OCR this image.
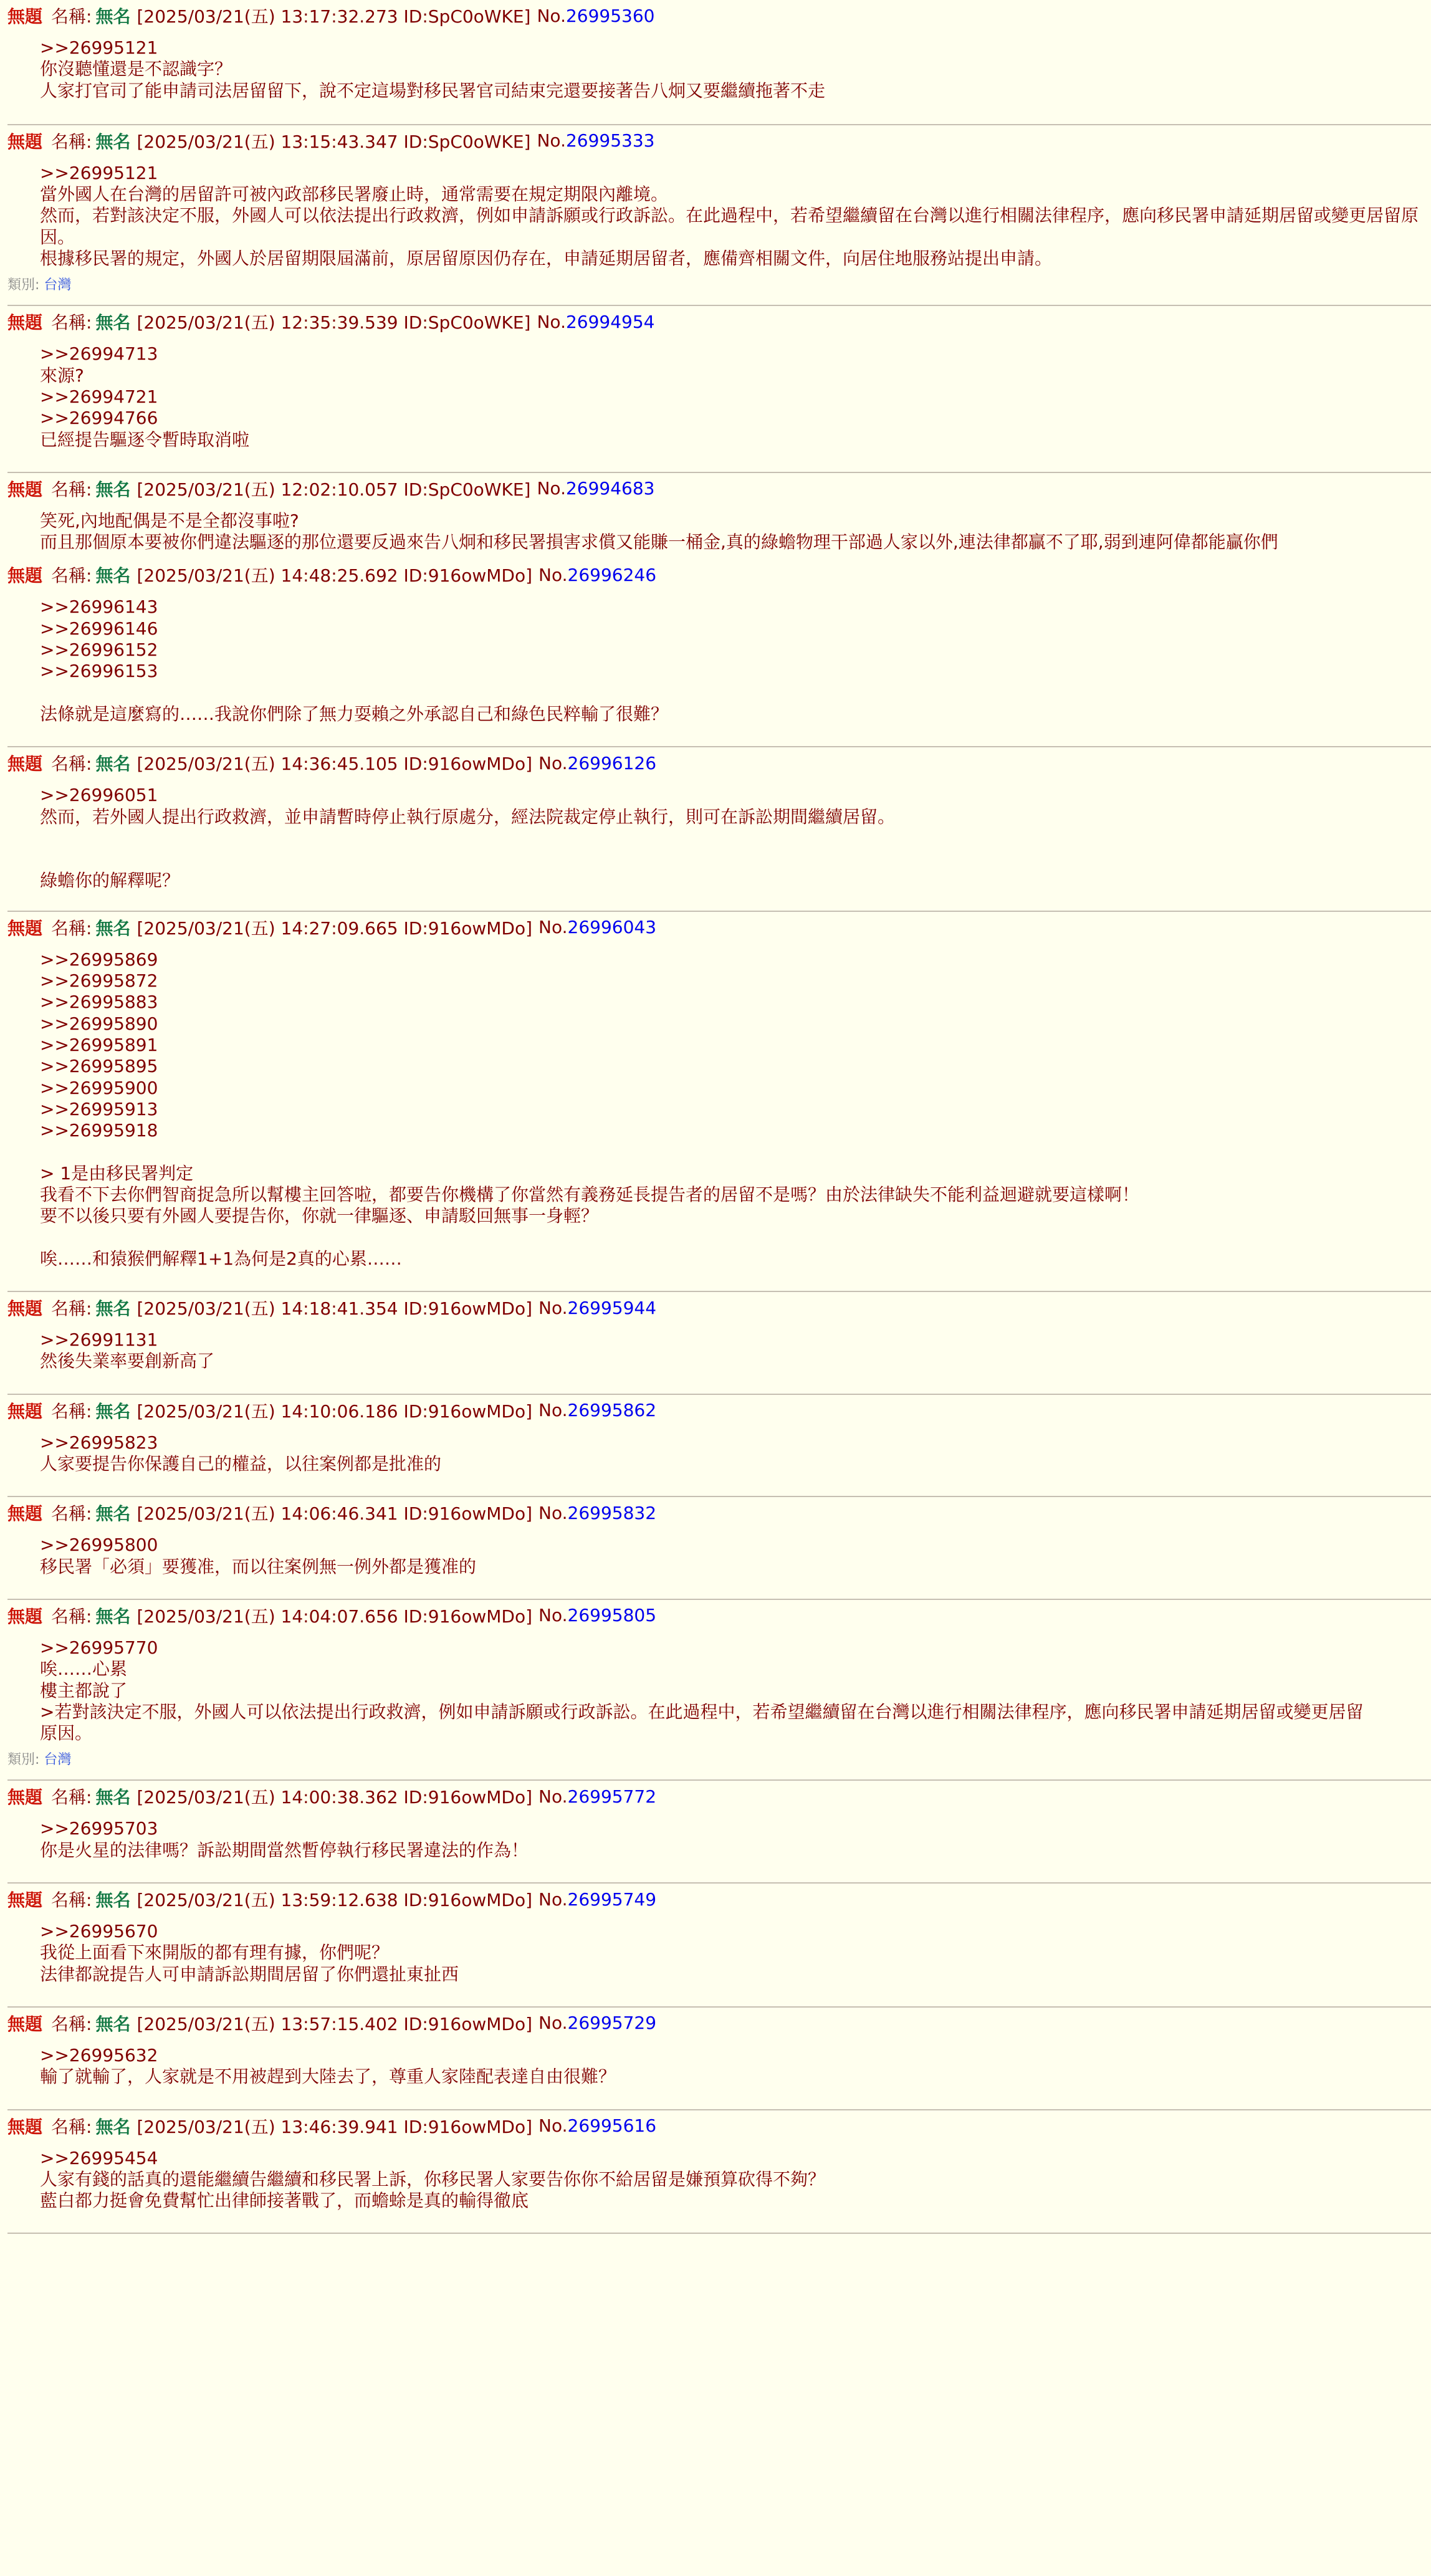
無題 名稱: 無名 [2025/03/21(五) 13:17:32.273 ID:SpC0oWKE] No. 26995360
>>26995121
你沒聽懂還是不認識字？
人家打官司了能申請司法居留留下，說不定這場對移民署官司結束完還要接著告八炯又要繼續拖著不走
無題 名稱: 無名 [2025/03/21(五) 13:15:43.347 ID:SpC0oWKE] No. 26995333
>>26995121
當外國人在台灣的居留許可被內政部移民署廢止時，通常需要在規定期限內離境。
然而，若對該決定不服，外國人可以依法提出行政救濟，例如申請訴願或行政訴訟。在此過程中，若希望繼續留在台灣以進行相關法律程序，應向移民署申請延期居留或變更居留原因。
根據移民署的規定，外國人於居留期限屆滿前，原居留原因仍存在，申請延期居留者，應備齊相關文件，向居住地服務站提出申請。
類別: 台灣
無題 名稱: 無名 [2025/03/21(五) 12:35:39.539 ID:SpC0oWKE] No. 26994954
>>26994713
來源?
>>26994721
>>26994766
已經提告驅逐令暫時取消啦
無題 名稱: 無名 [2025/03/21(五) 12:02:10.057 ID:SpC0oWKE] No. 26994683
笑死,內地配偶是不是全都沒事啦?
而且那個原本要被你們違法驅逐的那位還要反過來告八炯和移民署損害求償又能賺一桶金,真的綠蟾物理干部過人家以外,連法律都贏不了耶,弱到連阿偉都能贏你們
無題 名稱: 無名 [2025/03/21(五) 14:48:25.692 ID:916owMDo] No. 26996246
>>26996143
>>26996146
>>26996152
>>26996153
法條就是這麼寫的……我說你們除了無力耍賴之外承認自己和綠色民粹輸了很難？
無題 名稱: 無名 [2025/03/21(五) 14:36:45.105 ID:916owMDo] No. 26996126
>>26996051
然而，若外國人提出行政救濟，並申請暫時停止執行原處分，經法院裁定停止執行，則可在訴訟期間繼續居留。
綠蟾你的解釋呢？
無題 名稱: 無名 [2025/03/21(五) 14:27:09.665 ID:916owMDo] No. 26996043
>>26995869
>>26995872
>>26995883
>>26995890
>>26995891
>>26995895
>>26995900
>>26995913
>>26995918
> 1是由移民署判定
我看不下去你們智商捉急所以幫樓主回答啦，都要告你機構了你當然有義務延長提告者的居留不是嗎？由於法律缺失不能利益迴避就要這樣啊！
要不以後只要有外國人要提告你，你就一律驅逐、申請駁回無事一身輕？
唉……和猿猴們解釋1+1為何是2真的心累……
無題 名稱: 無名 [2025/03/21(五) 14:18:41.354 ID:916owMDo] No. 26995944
>>26991131
然後失業率要創新高了
無題 名稱: 無名 [2025/03/21(五) 14:10:06.186 ID:916owMDo] No. 26995862
>>26995823
人家要提告你保護自己的權益，以往案例都是批准的
無題 名稱: 無名 [2025/03/21(五) 14:06:46.341 ID:916owMDo] No. 26995832
>>26995800
移民署「必須」要獲准，而以往案例無一例外都是獲准的
無題 名稱: 無名 [2025/03/21(五) 14:04:07.656 ID:916owMDo] No. 26995805
>>26995770
唉……心累
樓主都說了
>若對該決定不服，外國人可以依法提出行政救濟，例如申請訴願或行政訴訟。在此過程中，若希望繼續留在台灣以進行相關法律程序，應向移民署申請延期居留或變更居留
原因。
類別: 台灣
無題 名稱: 無名 [2025/03/21(五) 14:00:38.362 ID:916owMDo] No. 26995772
>>26995703
你是火星的法律嗎？訴訟期間當然暫停執行移民署違法的作為！
無題 名稱: 無名 [2025/03/21(五) 13:59:12.638 ID:916owMDo] No. 26995749
>>26995670
我從上面看下來開版的都有理有據，你們呢？
法律都說提告人可申請訴訟期間居留了你們還扯東扯西
無題 名稱: 無名 [2025/03/21(五) 13:57:15.402 ID:916owMDo] No. 26995729
>>26995632
輸了就輸了，人家就是不用被趕到大陸去了，尊重人家陸配表達自由很難？
無題 名稱: 無名 [2025/03/21(五) 13:46:39.941 ID:916owMDo] No. 26995616
>>26995454
人家有錢的話真的還能繼續告繼續和移民署上訴，你移民署人家要告你你不給居留是嫌預算砍得不夠？
藍白都力挺會免費幫忙出律師接著戰了，而蟾蜍是真的輸得徹底
